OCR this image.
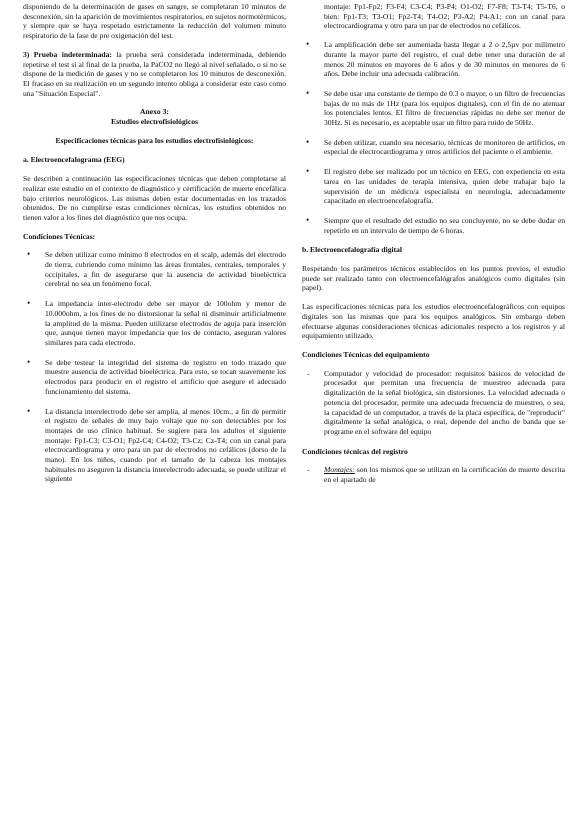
disponiendo de la determinación de gases en sangre, se completaran 10 minutos de desconexión, sin la aparición de movimientos respiratorios, en sujetos normotérmicos, y siempre que se haya respetado estrictamente la reducción del volumen minuto respiratorio de la fase de pre oxigenación del test.

3) Prueba indeterminada: la prueba será considerada indeterminada, debiendo repetirse el test si al final de la prueba, la PaCO2 no llegó al nivel señalado, o si no se dispone de la medición de gases y no se completaron los 10 minutos de desconexión. El fracaso en su realización en un segundo intento obliga a considerar este caso como una "Situación Especial".

Anexo 3:
Estudios electrofisiológicos
Especificaciones técnicas para los estudios electrofisiológicos:
a. Electroencefalograma (EEG)

Se describen a continuación las especificaciones técnicas que deben completarse al realizar este estudio en el contexto de diagnóstico y certificación de muerte encefálica bajo criterios neurológicos. Las mismas deben estar documentadas en los trazados obtenidos. De no cumplirse estas condiciones técnicas, los estudios obtenidos no tienen valor a los fines del diagnóstico que nos ocupa.

Condiciones Técnicas:
• Se deben utilizar como mínimo 8 electrodos en el scalp, además del electrodo de tierra, cubriendo como mínimo las áreas frontales, centrales, temporales y occipitales, a fin de asegurarse que la ausencia de actividad bioeléctrica cerebral no sea un fenómeno focal.
• La impedancia inter-electrodo debe ser mayor de 100ohm y menor de 10.000ohm, a los fines de no distorsionar la señal ni disminuir artificialmente la amplitud de la misma. Pueden utilizarse electrodos de aguja para inserción que, aunque tienen mayor impedancia que los de contacto, aseguran valores similares para cada electrodo.
• Se debe testear la integridad del sistema de registro en todo trazado que muestre ausencia de actividad bioeléctrica. Para esto, se tocan suavemente los electrodos para producir en el registro el artificio que asegure el adecuado funcionamiento del sistema.
• La distancia interelectrodo debe ser amplia, al menos 10cm., a fin de permitir el registro de señales de muy bajo voltaje que no son detectables por los montajes de uso clínico habitual. Se sugiere para los adultos el siguiente montaje: Fp1-C3; C3-O1; Fp2-C4; C4-O2; T3-Cz; Cz-T4; con un canal para electrocardiograma y otro para un par de electrodos no cefálicos (dorso de la mano). En los niños, cuando por el tamaño de la cabeza los montajes habituales no aseguren la distancia interelectrodo adecuada, se puede utilizar el siguiente

montaje: Fp1-Fp2; F3-F4; C3-C4; P3-P4; O1-O2; F7-F8; T3-T4; T5-T6, o bien: Fp1-T3; T3-O1; Fp2-T4; T4-O2; P3-A2; P4-A1; con un canal para electrocardiograma y otro para un par de electrodos no cefálicos.

• La amplificación debe ser aumentada hasta llegar a 2 o 2,5µv por milímetro durante la mayor parte del registro, el cual debe tener una duración de al menos 20 minutos en mayores de 6 años y de 30 minutos en menores de 6 años. Debe incluir una adecuada calibración.
• Se debe usar una constante de tiempo de 0.3 o mayor, o un filtro de frecuencias bajas de no más de 1Hz (para los equipos digitales), con el fin de no atenuar los potenciales lentos. El filtro de frecuencias rápidas no debe ser menor de 30Hz. Si es necesario, es aceptable usar un filtro para ruido de 50Hz.
• Se deben utilizar, cuando sea necesario, técnicas de monitoreo de artificios, en especial de electrocardiograma y otros artificios del paciente o el ambiente.
• El registro debe ser realizado por un técnico en EEG, con experiencia en esta tarea en las unidades de terapia intensiva, quien debe trabajar bajo la supervisión de un médico/a especialista en neurología, adecuadamente capacitado en electroencefalografía.
• Siempre que el resultado del estudio no sea concluyente, no se debe dudar en repetirlo en un intervalo de tiempo de 6 horas.
b. Electroencefalografía digital

Respetando los parámetros técnicos establecidos en los puntos previos, el estudio puede ser realizado tanto con electroencefalógrafos analógicos como digitales (sin papel).

Las especificaciones técnicas para los estudios electroencefalográficos con equipos digitales son las mismas que para los equipos analógicos. Sin embargo deben efectuarse algunas consideraciones técnicas adicionales respecto a los registros y al equipamiento utilizado.

Condiciones Técnicas del equipamiento
- Computador y velocidad de procesador: requisitos básicos de velocidad de procesador que permitan una frecuencia de muestreo adecuada para digitalización de la señal biológica, sin distorsiones. La velocidad adecuada o potencia del procesador, permite una adecuada frecuencia de muestreo, o sea, la capacidad de un computador, a través de la placa específica, de "reproducir" digitalmente la señal analógica, o real, depende del ancho de banda que se programe en el software del equipo
Condiciones técnicas del registro
- Montajes: son los mismos que se utilizan en la certificación de muerte descrita en el apartado de
